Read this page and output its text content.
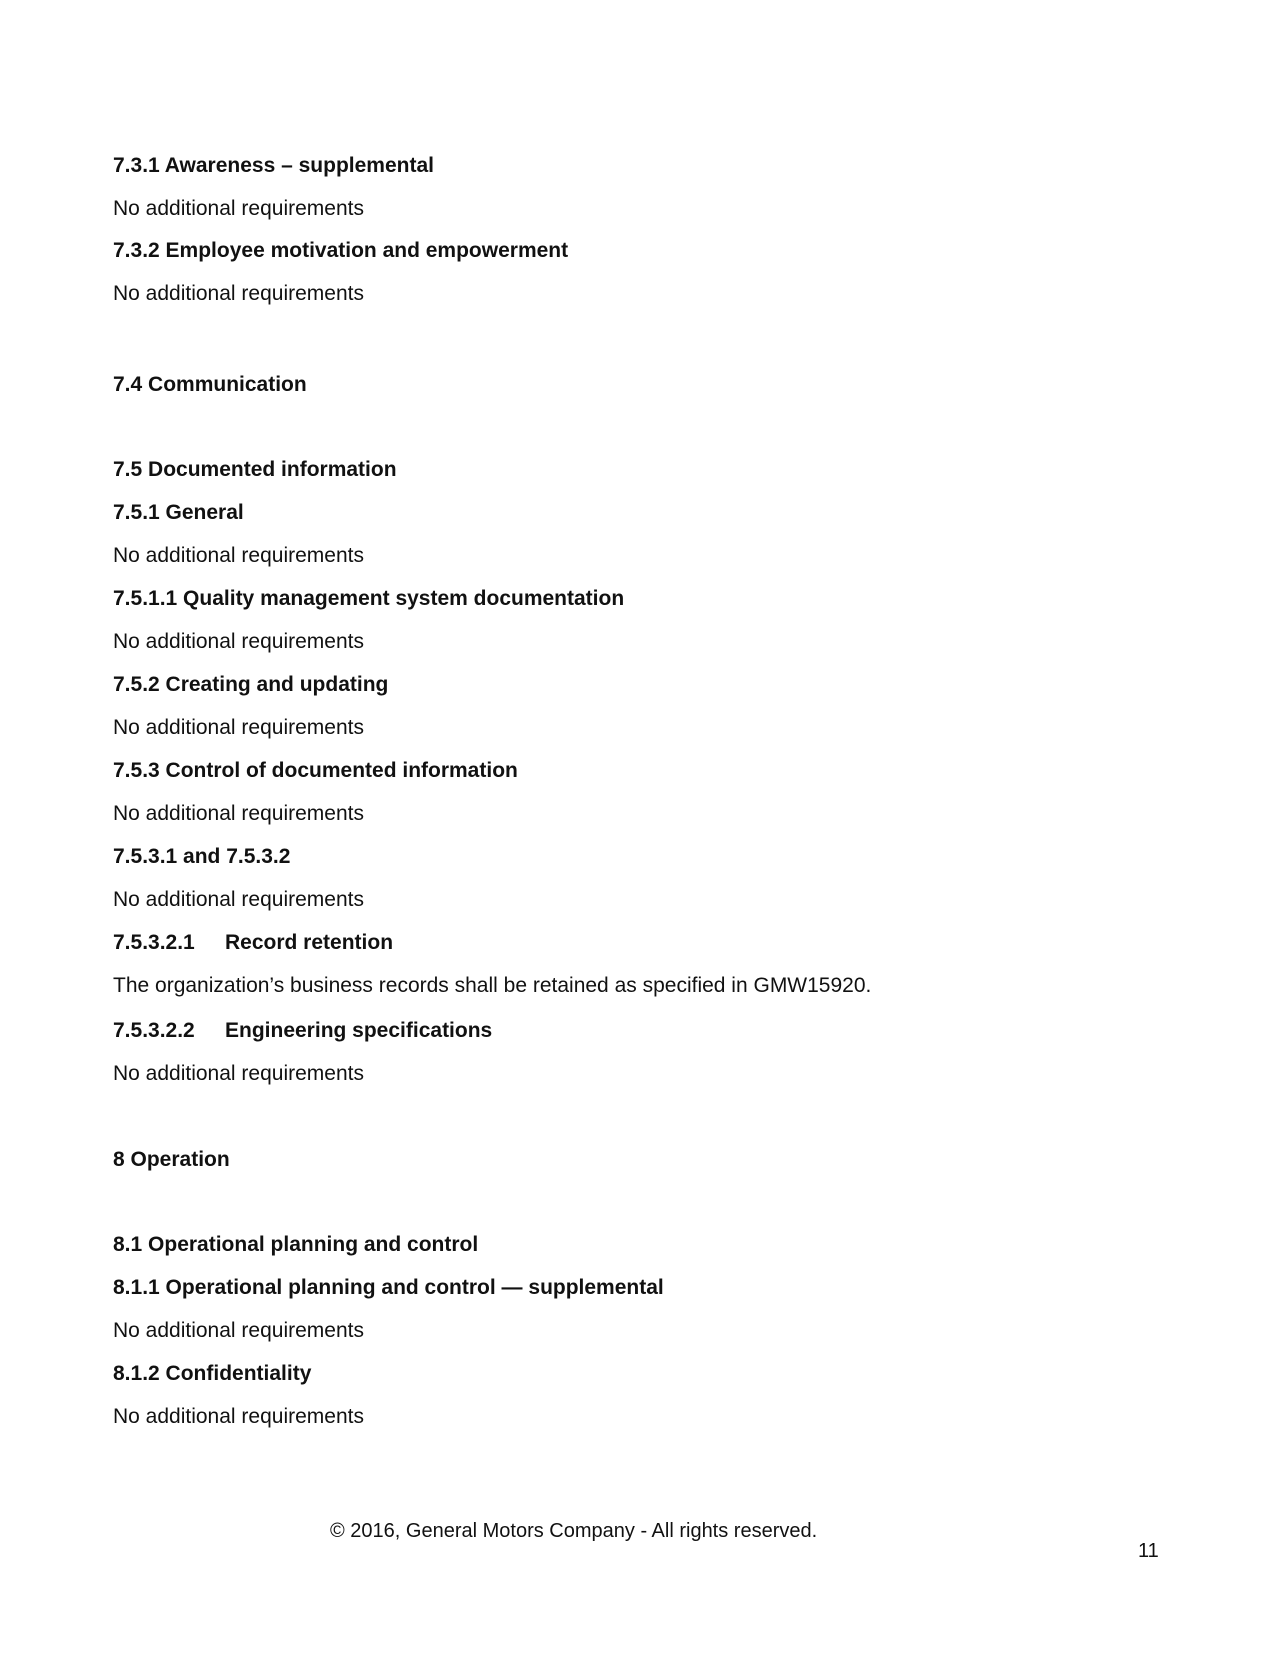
7.3.1 Awareness – supplemental
No additional requirements
7.3.2 Employee motivation and empowerment
No additional requirements
7.4 Communication
7.5 Documented information
7.5.1 General
No additional requirements
7.5.1.1 Quality management system documentation
No additional requirements
7.5.2 Creating and updating
No additional requirements
7.5.3 Control of documented information
No additional requirements
7.5.3.1 and 7.5.3.2
No additional requirements
7.5.3.2.1 Record retention
The organization’s business records shall be retained as specified in GMW15920.
7.5.3.2.2 Engineering specifications
No additional requirements
8 Operation
8.1 Operational planning and control
8.1.1 Operational planning and control — supplemental
No additional requirements
8.1.2 Confidentiality
No additional requirements
© 2016, General Motors Company - All rights reserved.
11
